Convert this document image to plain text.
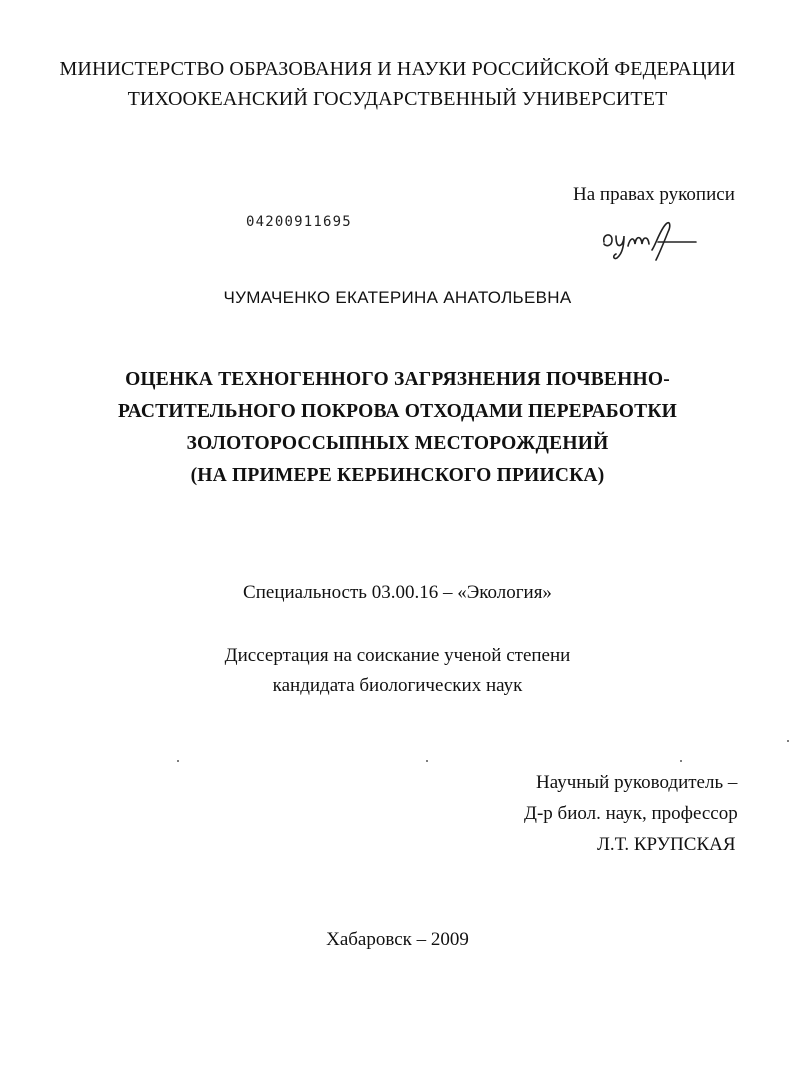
МИНИСТЕРСТВО ОБРАЗОВАНИЯ И НАУКИ РОССИЙСКОЙ ФЕДЕРАЦИИ
ТИХООКЕАНСКИЙ ГОСУДАРСТВЕННЫЙ УНИВЕРСИТЕТ
На правах рукописи
04200911695
ЧУМАЧЕНКО ЕКАТЕРИНА АНАТОЛЬЕВНА
ОЦЕНКА ТЕХНОГЕННОГО ЗАГРЯЗНЕНИЯ ПОЧВЕННО-
РАСТИТЕЛЬНОГО ПОКРОВА ОТХОДАМИ ПЕРЕРАБОТКИ
ЗОЛОТОРОССЫПНЫХ МЕСТОРОЖДЕНИЙ
(НА ПРИМЕРЕ КЕРБИНСКОГО ПРИИСКА)
Специальность 03.00.16 – «Экология»
Диссертация на соискание ученой степени
кандидата биологических наук
Научный руководитель –
Д-р биол. наук, профессор
Л.Т. КРУПСКАЯ
Хабаровск – 2009
